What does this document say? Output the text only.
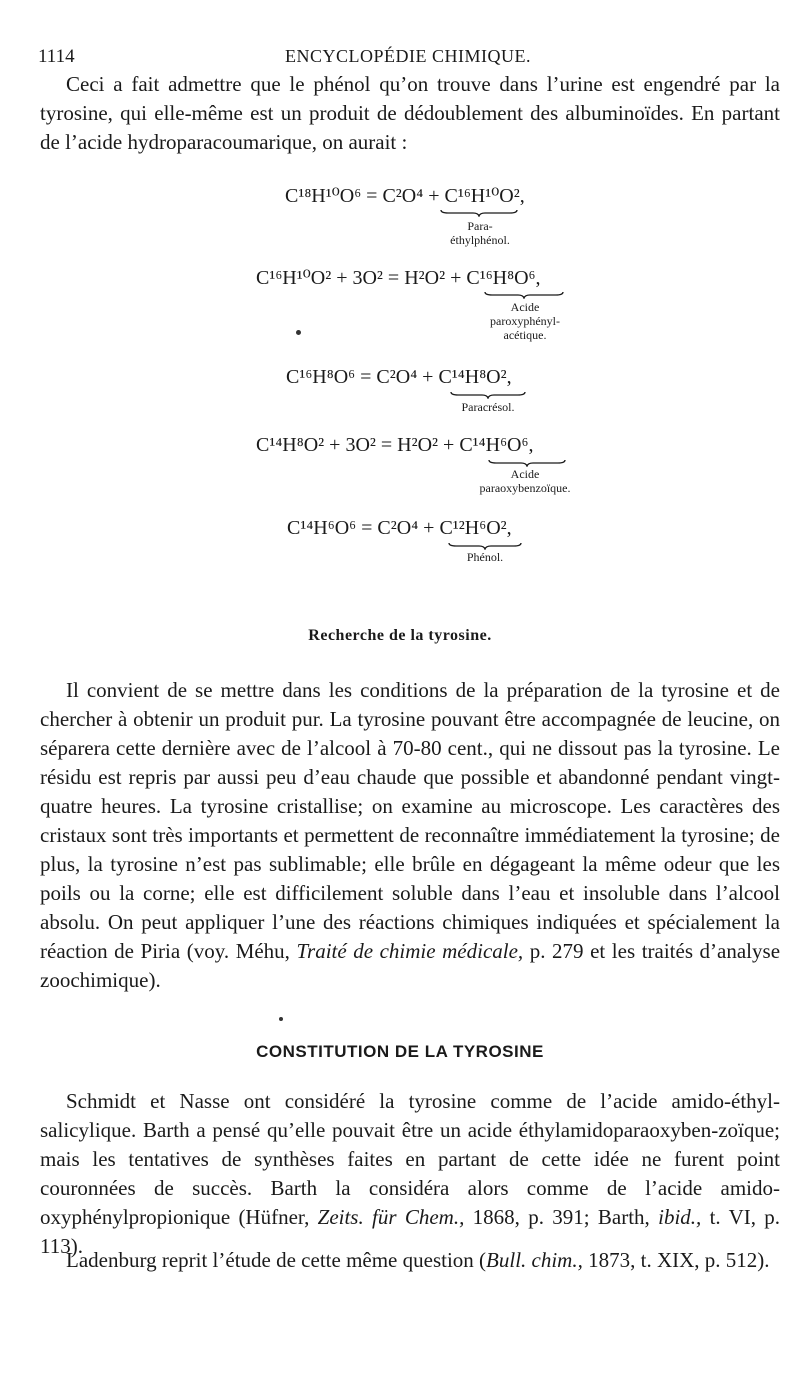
1114	ENCYCLOPÉDIE CHIMIQUE.

Ceci a fait admettre que le phénol qu’on trouve dans l’urine est engendré par la tyrosine, qui elle-même est un produit de dédoublement des albuminoïdes. En partant de l’acide hydroparacoumarique, on aurait :

C¹⁸H¹⁰O⁶ = C²O⁴ + C¹⁶H¹⁰O²,
Para-
éthylphénol.
C¹⁶H¹⁰O² + 3O² = H²O² + C¹⁶H⁸O⁶,
Acide
paroxyphényl-
acétique.
C¹⁶H⁸O⁶ = C²O⁴ + C¹⁴H⁸O²,
Paracrésol.
C¹⁴H⁸O² + 3O² = H²O² + C¹⁴H⁶O⁶,
Acide
paraoxybenzoïque.
C¹⁴H⁶O⁶ = C²O⁴ + C¹²H⁶O²,
Phénol.
Recherche de la tyrosine.

Il convient de se mettre dans les conditions de la préparation de la tyrosine et de chercher à obtenir un produit pur. La tyrosine pouvant être accompagnée de leucine, on séparera cette dernière avec de l’alcool à 70-80 cent., qui ne dissout pas la tyrosine. Le résidu est repris par aussi peu d’eau chaude que possible et abandonné pendant vingt-quatre heures. La tyrosine cristallise; on examine au microscope. Les caractères des cristaux sont très importants et permettent de reconnaître immédiatement la tyrosine; de plus, la tyrosine n’est pas sublimable; elle brûle en dégageant la même odeur que les poils ou la corne; elle est difficilement soluble dans l’eau et insoluble dans l’alcool absolu. On peut appliquer l’une des réactions chimiques indiquées et spécialement la réaction de Piria (voy. Méhu, Traité de chimie médicale, p. 279 et les traités d’analyse zoochimique).

CONSTITUTION DE LA TYROSINE

Schmidt et Nasse ont considéré la tyrosine comme de l’acide amido-éthyl-salicylique. Barth a pensé qu’elle pouvait être un acide éthylamidoparaoxyben-zoïque; mais les tentatives de synthèses faites en partant de cette idée ne furent point couronnées de succès. Barth la considéra alors comme de l’acide amido-oxyphénylpropionique (Hüfner, Zeits. für Chem., 1868, p. 391; Barth, ibid., t. VI, p. 113).

Ladenburg reprit l’étude de cette même question (Bull. chim., 1873, t. XIX, p. 512).
